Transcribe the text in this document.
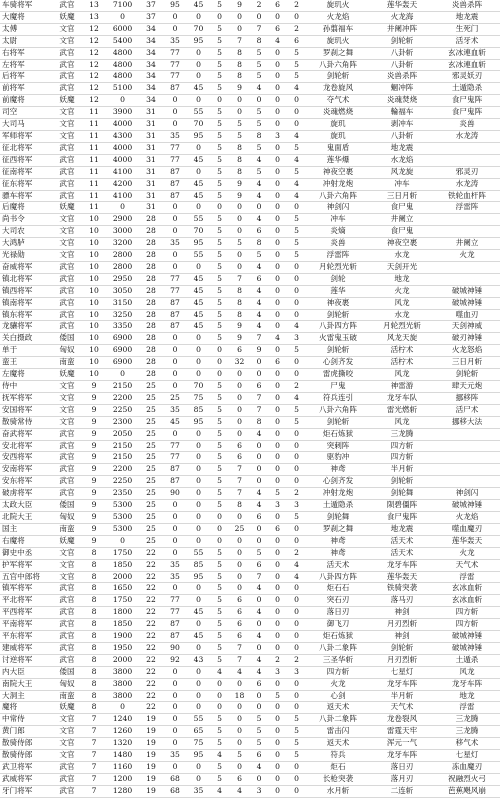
车骑将军	武官	13	7100	37	95	45	5	9	2	6	2	旋玑火	莲华轰天	炎兽杀阵
大魔将	妖魔	13	0	37	0	0	0	0	0	0	0	火龙焰	火龙海	地龙震
太傅	文官	12	6000	34	0	70	5	0	7	6	2	孙翦福车	井阑冲阵	生死门
太尉	文官	12	5400	34	35	95	5	7	8	4	6	旋玑火	剑轮斩	活牙术
右将军	武官	12	4800	34	77	0	5	8	5	0	5	罗刹之舞	八卦斩	玄冰連血斩
左将军	武官	12	4800	34	77	0	5	8	5	0	5	八卦六角阵	八卦斩	玄冰連血斩
后将军	武官	12	4800	34	77	0	5	8	5	0	5	剑轮斩	炎兽杀阵	邪灵妖刃
前将军	武官	12	5100	34	87	45	5	9	4	0	4	龙卷旋风	魍冲阵	土遁隐杀
前魔将	妖魔	12	0	34	0	0	0	0	0	0	0	夺气术	炎魂焚烧	食尸鬼阵
司空	文官	11	3900	31	0	55	5	0	5	0	0	炎魂燃烧	輪福车	食尸鬼阵
大司马	文官	11	4000	31	0	70	5	5	5	0	0	旋玑	剥冲车	炎兽
军师将军	文官	11	4300	31	35	95	5	5	8	3	4	旋玑	八卦斩	水龙涛
征北将军	武官	11	4000	31	77	0	5	8	5	0	5	鬼面盾	地龙震	
征西将军	武官	11	4000	31	77	45	5	8	4	0	4	莲华爆	水龙焰	
征南将军	武官	11	4100	31	87	0	5	8	5	0	5	神夜空裹	风龙旋	邪灵刃
征东将军	武官	11	4200	31	87	45	5	9	4	0	4	冲射龙炮	冲车	水龙涛
骠车将军	武官	11	4100	31	87	45	5	9	4	0	4	八卦六角阵	三日月斩	铁轮血杆阵
后魔将	妖魔	11	0	31	0	0	0	0	0	0	0	神剑闪	食尸鬼	浮雷阵
尚书令	文官	10	2900	28	0	55	5	0	4	0	5	冲车	井阑立	
大司农	文官	10	3000	28	0	70	5	0	6	0	5	炎熵	食尸鬼	
大鸿胪	文官	10	3200	28	35	95	5	5	8	0	5	炎兽	神夜空裹	井阑立
光禄勋	文官	10	2800	28	0	55	5	0	5	0	5	浮雷阵	水龙	火龙
奋威将军	武官	10	2800	28	0	0	5	0	4	0	0	月轮烈光斩	天剑开光	
镇北将军	武官	10	2950	28	77	45	5	7	6	0	0	剑轮	地龙	
镇西将军	武官	10	3050	28	77	45	5	8	4	0	0	莲华	火龙	破城神锤
镇南将军	武官	10	3150	28	87	45	5	8	4	0	0	神夜裹	风龙	破城神锤
镇东将军	武官	10	3250	28	87	45	5	8	4	0	0	剑轮斩	水龙	噬血刃
龙骧将军	武官	10	3350	28	87	45	5	9	4	0	4	八卦四方阵	月轮烈光斩	天剑神威
关白摄政	倭国	10	6900	28	0	0	5	9	7	4	3	火雷鬼玉破	风龙天旋	破刃神锤
单于	匈奴	10	6900	28	0	0	0	6	9	0	5	剑轮斩	活柠术	火龙怒焰
蛮王	南蛮	10	6900	28	0	0	0	32	0	6	0	心剑齐发	活柠术	三日月斩
左魔将	妖魔	10	0	28	0	0	0	0	0	0	0	雷虎撕咬	风龙	剑轮斩
侍中	文官	9	2150	25	0	70	5	0	6	0	2	尸鬼	神雷游	肆天元炮
抚军将军	文官	9	2200	25	25	75	5	0	7	0	4	符兵连引	龙牙车队	挪移阵
安国将军	文官	9	2250	25	35	85	5	0	7	0	5	八卦六角阵	雷光燃斩	活尸术
散骑常侍	文官	9	2300	25	45	95	5	0	8	0	5	剑轮斩	风龙	挪移大法
奋武将军	武官	9	2050	25	0	0	5	0	4	0	0	炬石炼狱	三龙腾	
安北将军	武官	9	2150	25	77	0	5	6	0	0	0	突刺阵	四方斩	
安西将军	武官	9	2150	25	77	0	5	6	0	0	0	驱豹冲	四方斩	
安南将军	武官	9	2200	25	87	0	5	7	0	0	0	神鸢	半月斩	
安东将军	武官	9	2250	25	87	0	5	7	0	0	0	心剑齐发	剑轮斩	
破虏将军	武官	9	2350	25	90	0	5	7	4	5	2	冲射龙炮	剑轮舞	神剑闪
太政大臣	倭国	9	5300	25	0	0	5	8	4	3	3	土遁隐杀	陨碧僵阵	破城神锤
北院大王	匈奴	9	5300	25	0	0	0	0	6	0	5	剑轮舞	食尸鬼阵	火龙焰
国主	南蛮	9	5300	25	0	0	0	25	0	6	0	罗刹之舞	地龙震	噬血魔刃
右魔将	妖魔	9	0	25	0	0	0	0	0	0	0	神鸢	活天术	莲华轰天
御史中丞	文官	8	1750	22	0	55	5	0	5	0	2	神鸢	活天术	火龙
护军将军	文官	8	1850	22	35	85	5	0	6	0	4	活天术	龙牙车阵	天气术
五官中郎将	文官	8	2000	22	35	95	5	0	7	0	4	八卦四方阵	莲华轰天	浮雷
镇军将军	武官	8	1650	22	0	0	5	0	4	0	0	炬石石	铁骑突袭	玄冰血斩
平北将军	武官	8	1750	22	77	0	5	6	0	0	0	突石刃	落马刃	玄冰血斩
平西将军	武官	8	1800	22	77	45	5	6	4	0	0	落日刃	神剑	四方斩
平南将军	武官	8	1850	22	87	0	5	6	0	0	0	御飞刀	月刃烈斩	四方斩
平东将军	武官	8	1900	22	87	45	5	6	4	0	0	炬石炼狱	神剑	破城神锤
建威将军	武官	8	1950	22	90	0	5	7	0	0	0	八卦二象阵	剑轮斩	破城神锤
讨逆将军	武官	8	2000	22	92	43	5	7	4	2	2	三圣华斩	月刃烈斩	土遁杀
内大臣	倭国	8	3800	22	0	0	4	4	4	3	3	四方斩	七星灯	风龙
南院大王	匈奴	8	3800	22	0	0	0	0	6	0	0	火龙	龙牙车阵	龙牙车阵
大洞主	南蛮	8	3800	22	0	0	0	18	0	5	0	心剑	半月斩	地龙
魔将	妖魔	8	0	22	0	0	0	0	0	0	0	返天术	天气术	浮雷
中常侍	文官	7	1240	19	0	55	5	0	5	0	5	八卦二象阵	龙卷裂风	三龙腾
黄门郎	文官	7	1260	19	0	65	5	0	5	0	5	雷击闪	雷霆天牢	三龙腾
散骑侍郎	文官	7	1320	19	0	75	5	0	5	0	5	返天术	浑元一气	移气术
散骑侍郎	文官	7	1480	19	35	95	4	5	6	0	5	符兵	龙牙车阵	七星灯
武卫将军	武官	7	1160	19	0	0	5	0	4	0	0	炬石	落日刃	冻血魔刃
武威将军	武官	7	1200	19	68	0	5	6	0	0	0	长枪突袭	落月刃	祝融烈火弓
牙门将军	武官	7	1280	19	68	35	4	4	3	0	0	水月斩	二连斩	芭蕉飓风崩
